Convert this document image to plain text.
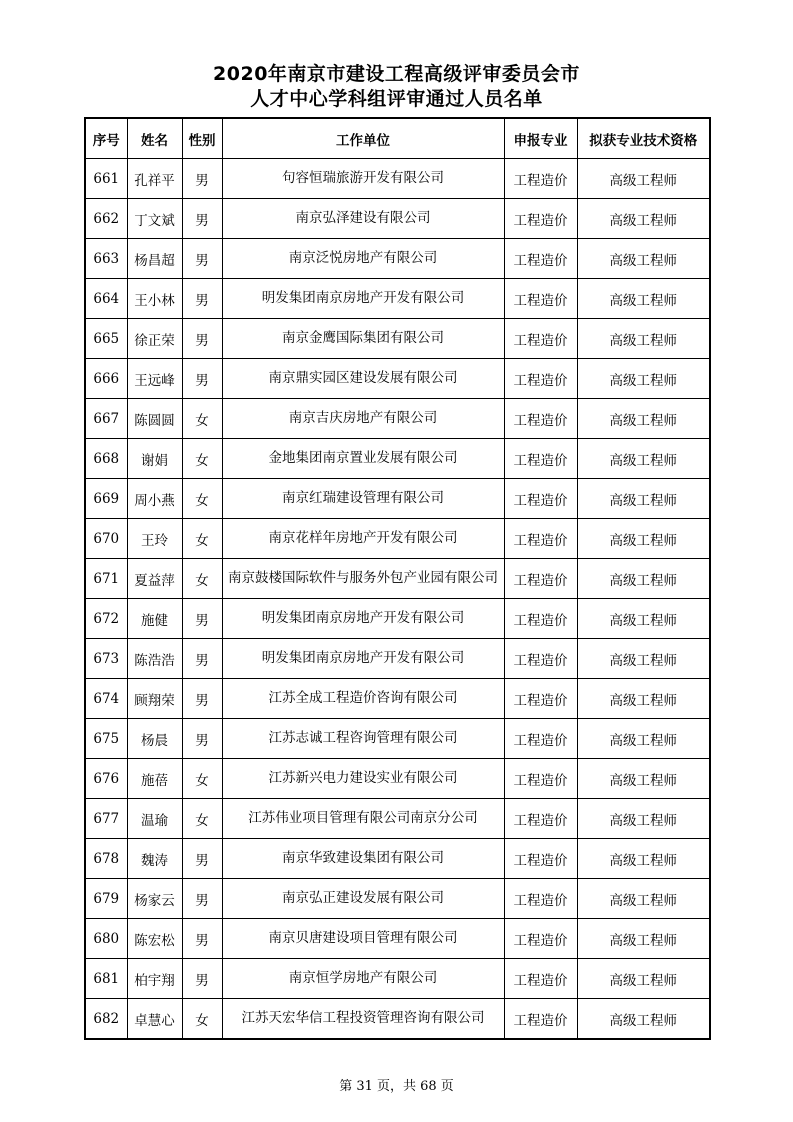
2020年南京市建设工程高级评审委员会市
人才中心学科组评审通过人员名单
序号	姓名	性别	工作单位	申报专业	拟获专业技术资格
661	孔祥平	男	句容恒瑞旅游开发有限公司	工程造价	高级工程师
662	丁文斌	男	南京弘泽建设有限公司	工程造价	高级工程师
663	杨昌超	男	南京泛悦房地产有限公司	工程造价	高级工程师
664	王小林	男	明发集团南京房地产开发有限公司	工程造价	高级工程师
665	徐正荣	男	南京金鹰国际集团有限公司	工程造价	高级工程师
666	王远峰	男	南京鼎实园区建设发展有限公司	工程造价	高级工程师
667	陈圆圆	女	南京吉庆房地产有限公司	工程造价	高级工程师
668	谢娟	女	金地集团南京置业发展有限公司	工程造价	高级工程师
669	周小燕	女	南京红瑞建设管理有限公司	工程造价	高级工程师
670	王玲	女	南京花样年房地产开发有限公司	工程造价	高级工程师
671	夏益萍	女	南京鼓楼国际软件与服务外包产业园有限公司	工程造价	高级工程师
672	施健	男	明发集团南京房地产开发有限公司	工程造价	高级工程师
673	陈浩浩	男	明发集团南京房地产开发有限公司	工程造价	高级工程师
674	顾翔荣	男	江苏全成工程造价咨询有限公司	工程造价	高级工程师
675	杨晨	男	江苏志诚工程咨询管理有限公司	工程造价	高级工程师
676	施蓓	女	江苏新兴电力建设实业有限公司	工程造价	高级工程师
677	温瑜	女	江苏伟业项目管理有限公司南京分公司	工程造价	高级工程师
678	魏涛	男	南京华致建设集团有限公司	工程造价	高级工程师
679	杨家云	男	南京弘正建设发展有限公司	工程造价	高级工程师
680	陈宏松	男	南京贝唐建设项目管理有限公司	工程造价	高级工程师
681	柏宇翔	男	南京恒学房地产有限公司	工程造价	高级工程师
682	卓慧心	女	江苏天宏华信工程投资管理咨询有限公司	工程造价	高级工程师
第 31 页，共 68 页
